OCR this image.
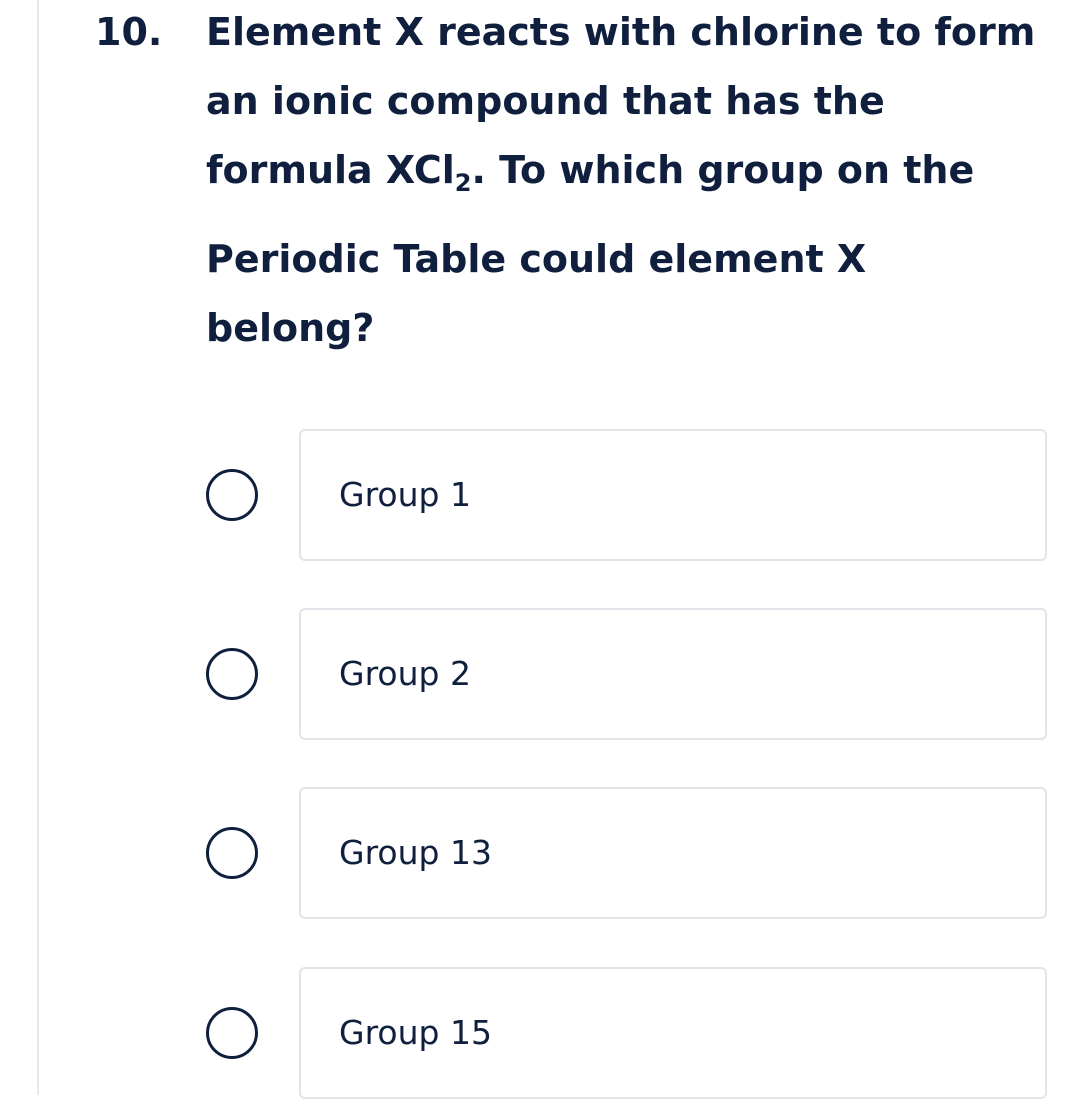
10. Element X reacts with chlorine to form
an ionic compound that has the
formula XCl$_2$. To which group on the
Periodic Table could element X
belong?
Group 1
Group 2
Group 13
Group 15
